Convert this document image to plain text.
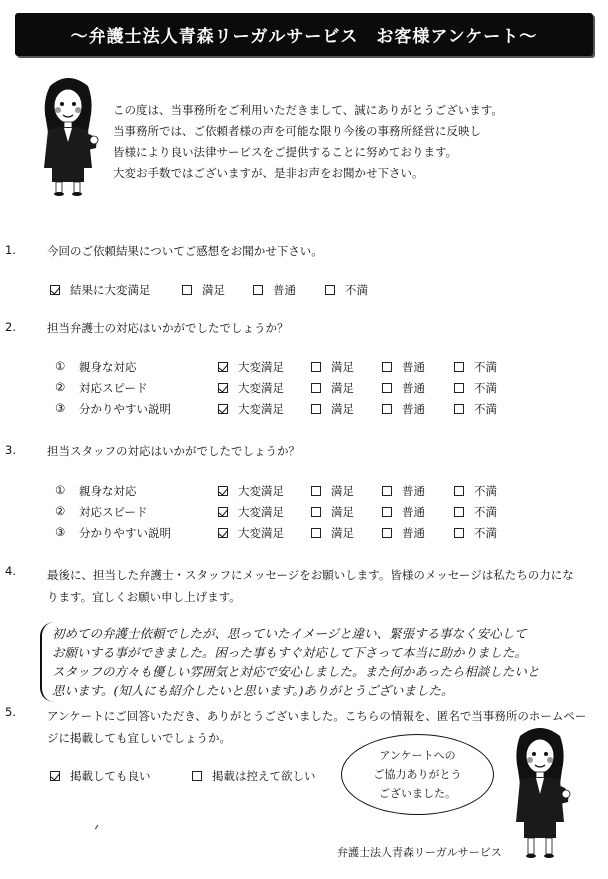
〜弁護士法人青森リーガルサービス　お客様アンケート〜
この度は、当事務所をご利用いただきまして、誠にありがとうございます。
当事務所では、ご依頼者様の声を可能な限り今後の事務所経営に反映し
皆様により良い法律サービスをご提供することに努めております。
大変お手数ではございますが、是非お声をお聞かせ下さい。
1.	今回のご依頼結果についてご感想をお聞かせ下さい。
結果に大変満足	満足	普通	不満
2.	担当弁護士の対応はいかがでしたでしょうか？
① 親身な対応	大変満足	満足	普通	不満
② 対応スピード	大変満足	満足	普通	不満
③ 分かりやすい説明	大変満足	満足	普通	不満
3.	担当スタッフの対応はいかがでしたでしょうか？
① 親身な対応	大変満足	満足	普通	不満
② 対応スピード	大変満足	満足	普通	不満
③ 分かりやすい説明	大変満足	満足	普通	不満
4.	最後に、担当した弁護士・スタッフにメッセージをお願いします。皆様のメッセージは私たちの力にな
ります。宜しくお願い申し上げます。
初めての弁護士依頼でしたが、思っていたイメージと違い、緊張する事なく安心して
お願いする事ができました。困った事もすぐ対応して下さって本当に助かりました。
スタッフの方々も優しい雰囲気と対応で安心しました。また何かあったら相談したいと
思います。(知人にも紹介したいと思います。)ありがとうございました。
5.	アンケートにご回答いただき、ありがとうございました。こちらの情報を、匿名で当事務所のホームペー
ジに掲載しても宜しいでしょうか。
掲載しても良い	掲載は控えて欲しい
アンケートへの
ご協力ありがとう
ございました。
弁護士法人青森リーガルサービス
